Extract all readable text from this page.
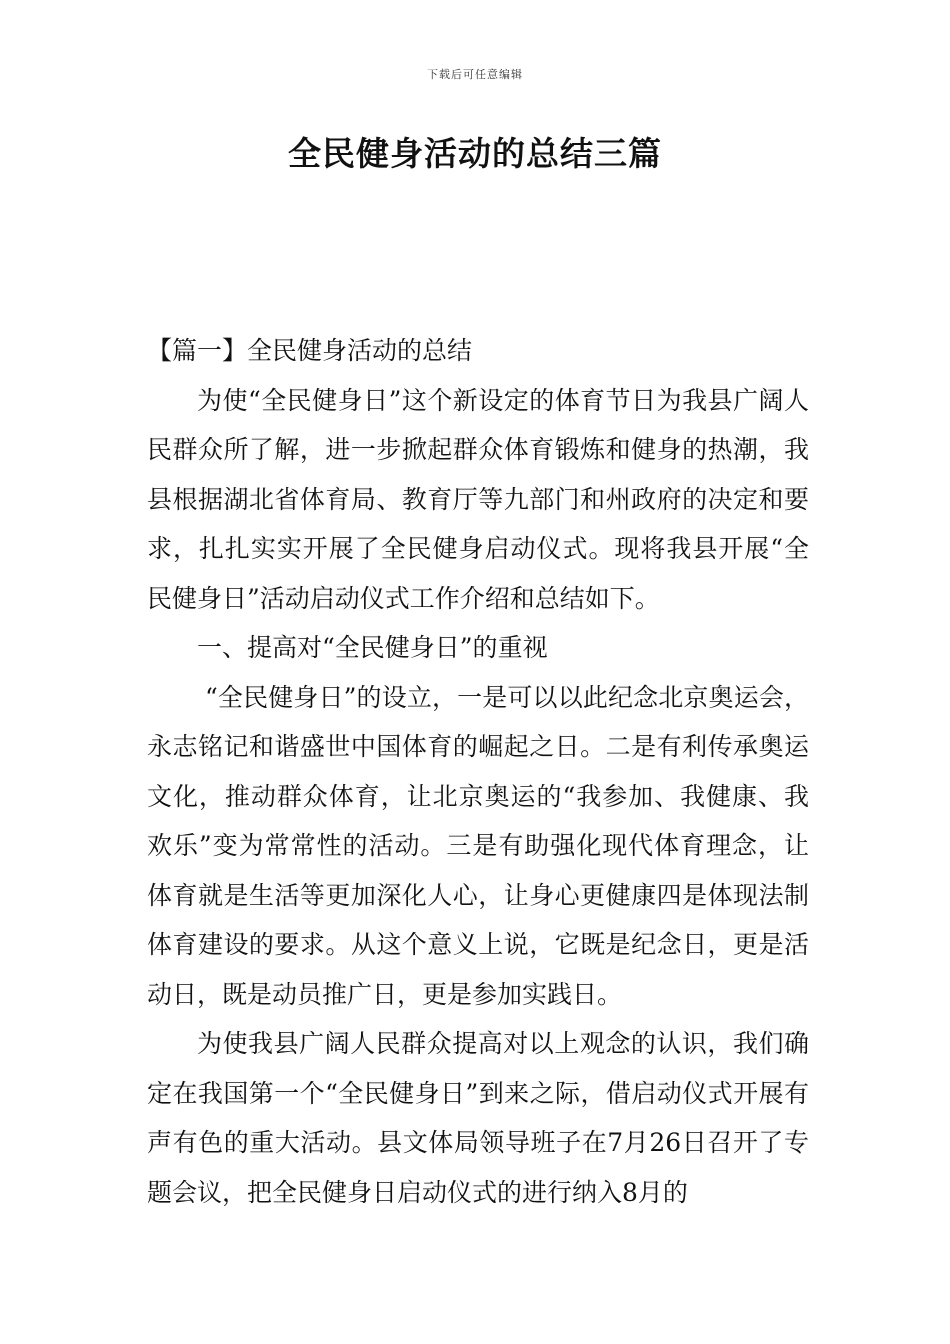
下载后可任意编辑
全民健身活动的总结三篇

【篇一】全民健身活动的总结

为使“全民健身日”这个新设定的体育节日为我县广阔人民群众所了解，进一步掀起群众体育锻炼和健身的热潮，我县根据湖北省体育局、教育厅等九部门和州政府的决定和要求，扎扎实实开展了全民健身启动仪式。现将我县开展“全民健身日”活动启动仪式工作介绍和总结如下。

一、提高对“全民健身日”的重视

“全民健身日”的设立，一是可以以此纪念北京奥运会，永志铭记和谐盛世中国体育的崛起之日。二是有利传承奥运文化，推动群众体育，让北京奥运的“我参加、我健康、我欢乐”变为常常性的活动。三是有助强化现代体育理念，让体育就是生活等更加深化人心，让身心更健康四是体现法制体育建设的要求。从这个意义上说，它既是纪念日，更是活动日，既是动员推广日，更是参加实践日。

为使我县广阔人民群众提高对以上观念的认识，我们确定在我国第一个“全民健身日”到来之际，借启动仪式开展有声有色的重大活动。县文体局领导班子在7月26日召开了专题会议，把全民健身日启动仪式的进行纳入8月的
